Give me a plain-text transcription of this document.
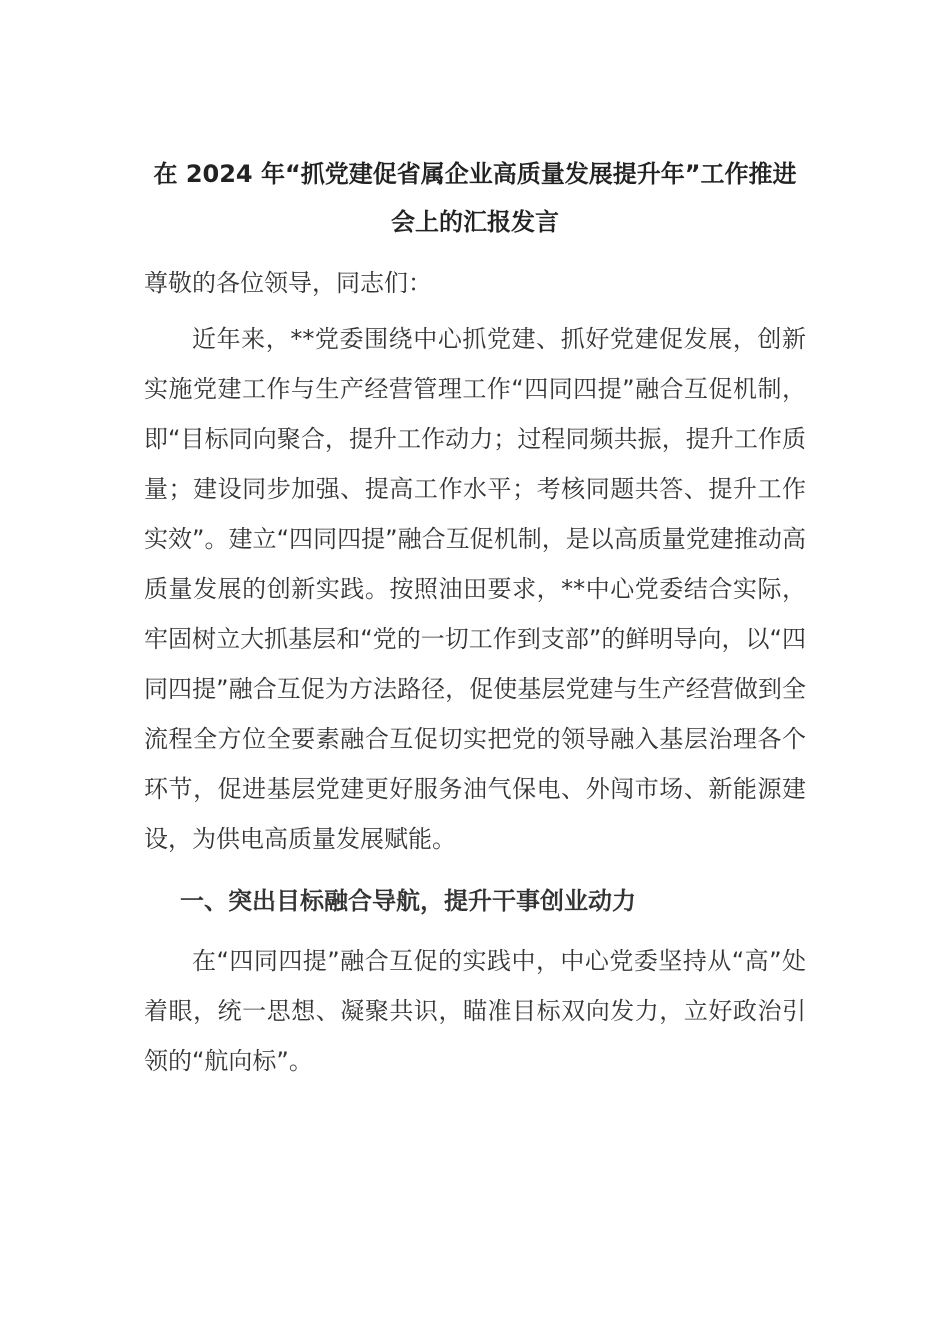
在 2024 年“抓党建促省属企业高质量发展提升年”工作推进会上的汇报发言

尊敬的各位领导，同志们：

近年来，**党委围绕中心抓党建、抓好党建促发展，创新实施党建工作与生产经营管理工作“四同四提”融合互促机制，即“目标同向聚合，提升工作动力；过程同频共振，提升工作质量；建设同步加强、提高工作水平；考核同题共答、提升工作实效”。建立“四同四提”融合互促机制，是以高质量党建推动高质量发展的创新实践。按照油田要求，**中心党委结合实际，牢固树立大抓基层和“党的一切工作到支部”的鲜明导向，以“四同四提”融合互促为方法路径，促使基层党建与生产经营做到全流程全方位全要素融合互促切实把党的领导融入基层治理各个环节，促进基层党建更好服务油气保电、外闯市场、新能源建设，为供电高质量发展赋能。

一、突出目标融合导航，提升干事创业动力

在“四同四提”融合互促的实践中，中心党委坚持从“高”处着眼，统一思想、凝聚共识，瞄准目标双向发力，立好政治引领的“航向标”。
